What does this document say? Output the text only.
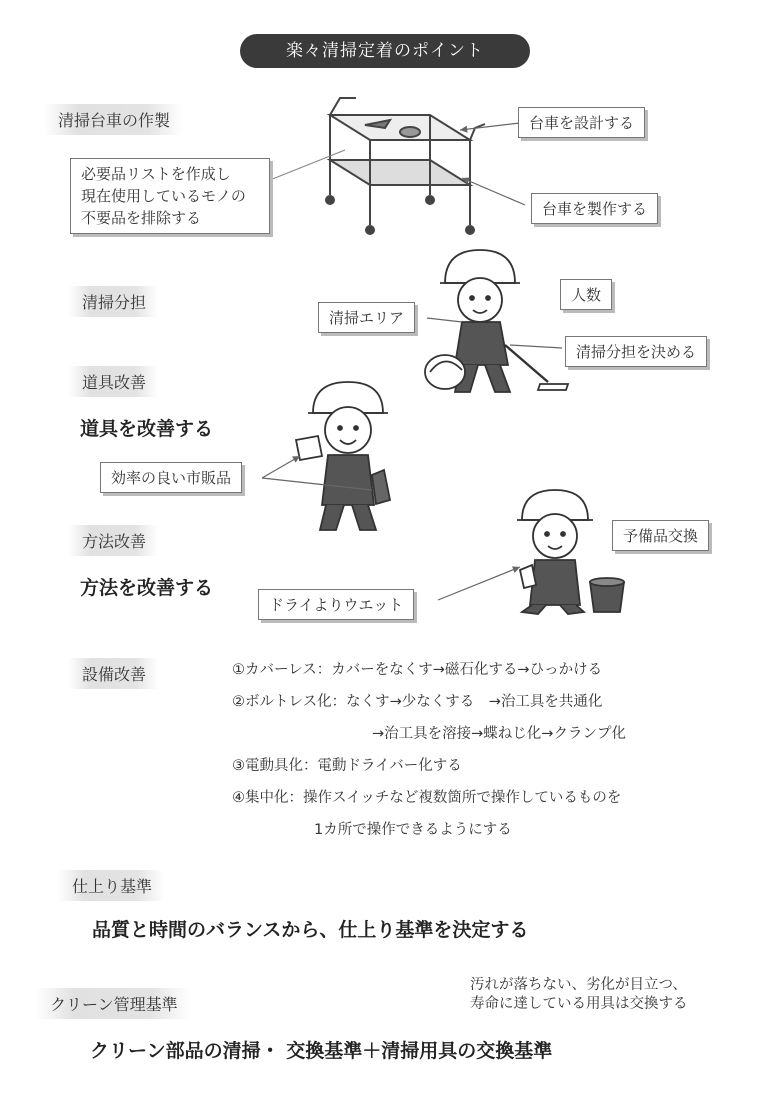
楽々清掃定着のポイント
清掃台車の作製	台車を設計する
必要品リストを作成し
現在使用しているモノの
不要品を排除する	台車を製作する
清掃分担	人数
清掃エリア
清掃分担を決める
道具改善
道具を改善する
効率の良い市販品
方法改善	予備品交換
方法を改善する
ドライよりウエット
設備改善	①カバーレス：カバーをなくす→磁石化する→ひっかける
②ボルトレス化：なくす→少なくする　→治工具を共通化
→治工具を溶接→蝶ねじ化→クランプ化
③電動具化：電動ドライバー化する
④集中化：操作スイッチなど複数箇所で操作しているものを
1カ所で操作できるようにする
仕上り基準
品質と時間のバランスから、仕上り基準を決定する
汚れが落ちない、劣化が目立つ、
寿命に達している用具は交換する
クリーン管理基準
クリーン部品の清掃・ 交換基準＋清掃用具の交換基準
